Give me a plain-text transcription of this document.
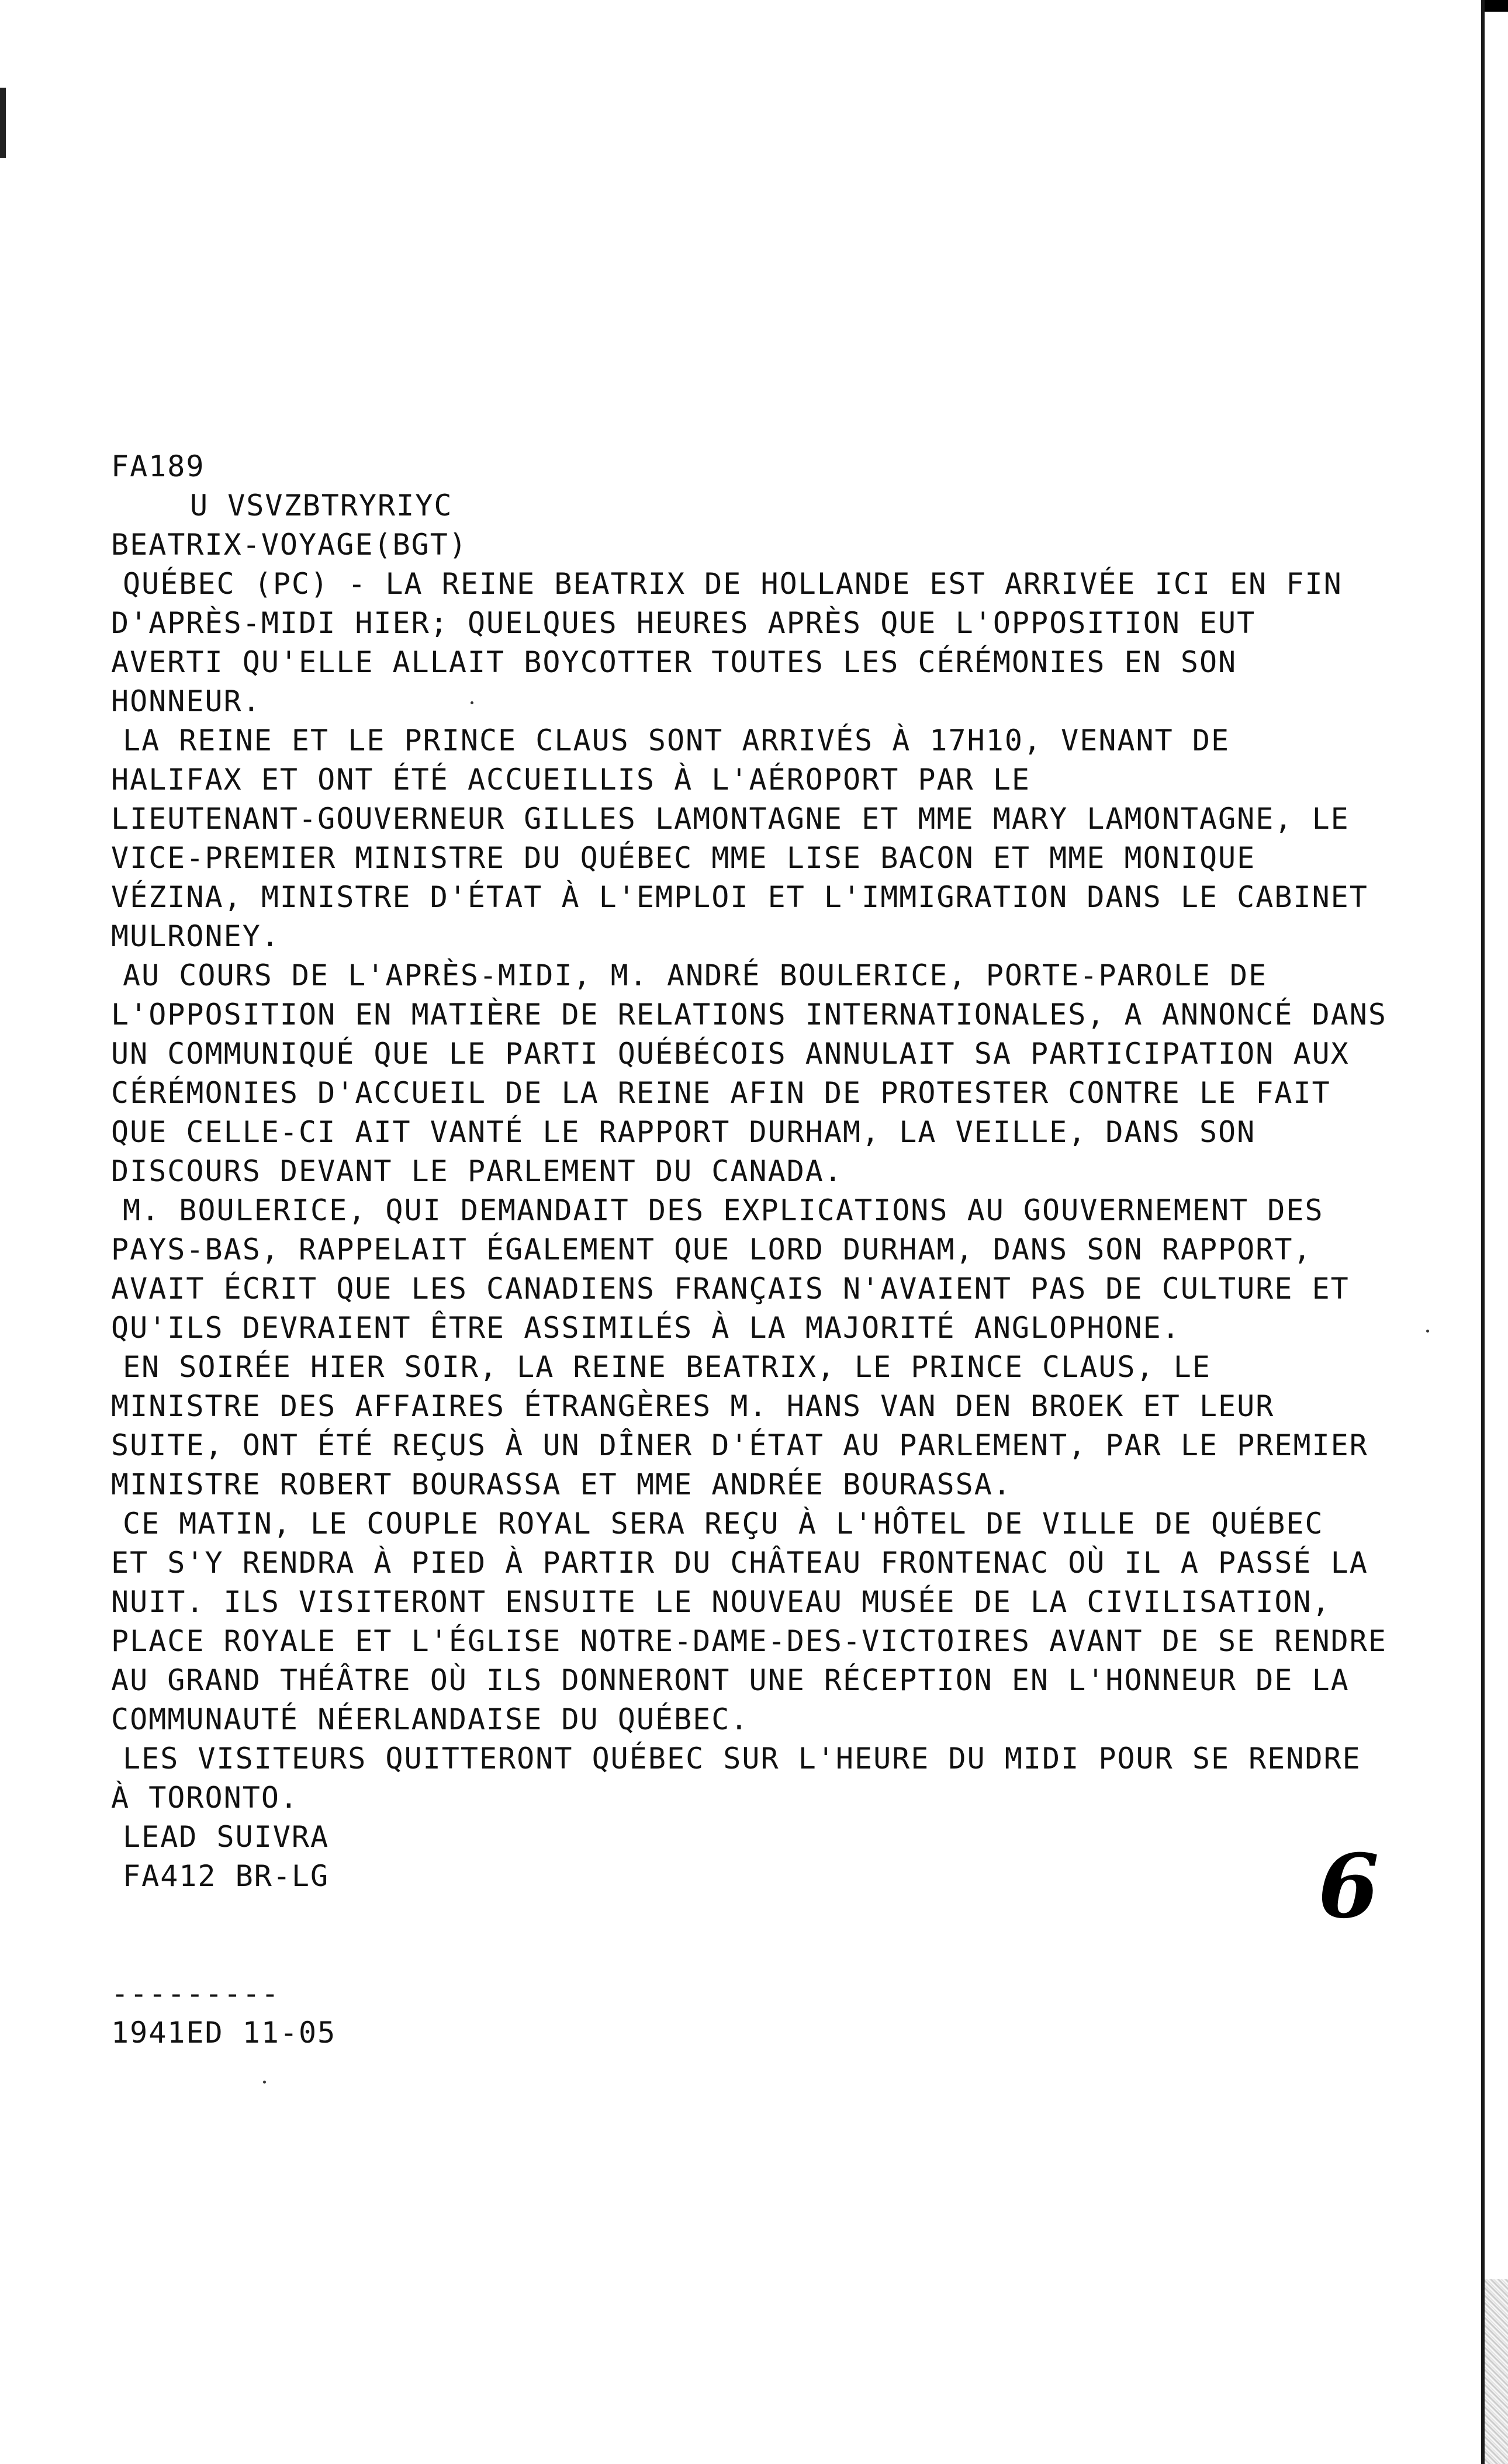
FA189
U VSVZBTRYRIYC
BEATRIX-VOYAGE(BGT)
QUÉBEC (PC) - LA REINE BEATRIX DE HOLLANDE EST ARRIVÉE ICI EN FIN
D'APRÈS-MIDI HIER; QUELQUES HEURES APRÈS QUE L'OPPOSITION EUT
AVERTI QU'ELLE ALLAIT BOYCOTTER TOUTES LES CÉRÉMONIES EN SON
HONNEUR.
LA REINE ET LE PRINCE CLAUS SONT ARRIVÉS À 17H10, VENANT DE
HALIFAX ET ONT ÉTÉ ACCUEILLIS À L'AÉROPORT PAR LE
LIEUTENANT-GOUVERNEUR GILLES LAMONTAGNE ET MME MARY LAMONTAGNE, LE
VICE-PREMIER MINISTRE DU QUÉBEC MME LISE BACON ET MME MONIQUE
VÉZINA, MINISTRE D'ÉTAT À L'EMPLOI ET L'IMMIGRATION DANS LE CABINET
MULRONEY.
AU COURS DE L'APRÈS-MIDI, M. ANDRÉ BOULERICE, PORTE-PAROLE DE
L'OPPOSITION EN MATIÈRE DE RELATIONS INTERNATIONALES, A ANNONCÉ DANS
UN COMMUNIQUÉ QUE LE PARTI QUÉBÉCOIS ANNULAIT SA PARTICIPATION AUX
CÉRÉMONIES D'ACCUEIL DE LA REINE AFIN DE PROTESTER CONTRE LE FAIT
QUE CELLE-CI AIT VANTÉ LE RAPPORT DURHAM, LA VEILLE, DANS SON
DISCOURS DEVANT LE PARLEMENT DU CANADA.
M. BOULERICE, QUI DEMANDAIT DES EXPLICATIONS AU GOUVERNEMENT DES
PAYS-BAS, RAPPELAIT ÉGALEMENT QUE LORD DURHAM, DANS SON RAPPORT,
AVAIT ÉCRIT QUE LES CANADIENS FRANÇAIS N'AVAIENT PAS DE CULTURE ET
QU'ILS DEVRAIENT ÊTRE ASSIMILÉS À LA MAJORITÉ ANGLOPHONE.
EN SOIRÉE HIER SOIR, LA REINE BEATRIX, LE PRINCE CLAUS, LE
MINISTRE DES AFFAIRES ÉTRANGÈRES M. HANS VAN DEN BROEK ET LEUR
SUITE, ONT ÉTÉ REÇUS À UN DÎNER D'ÉTAT AU PARLEMENT, PAR LE PREMIER
MINISTRE ROBERT BOURASSA ET MME ANDRÉE BOURASSA.
CE MATIN, LE COUPLE ROYAL SERA REÇU À L'HÔTEL DE VILLE DE QUÉBEC
ET S'Y RENDRA À PIED À PARTIR DU CHÂTEAU FRONTENAC OÙ IL A PASSÉ LA
NUIT. ILS VISITERONT ENSUITE LE NOUVEAU MUSÉE DE LA CIVILISATION,
PLACE ROYALE ET L'ÉGLISE NOTRE-DAME-DES-VICTOIRES AVANT DE SE RENDRE
AU GRAND THÉÂTRE OÙ ILS DONNERONT UNE RÉCEPTION EN L'HONNEUR DE LA
COMMUNAUTÉ NÉERLANDAISE DU QUÉBEC.
LES VISITEURS QUITTERONT QUÉBEC SUR L'HEURE DU MIDI POUR SE RENDRE
À TORONTO.
LEAD SUIVRA
FA412 BR-LG
---------
1941ED 11-05
6
